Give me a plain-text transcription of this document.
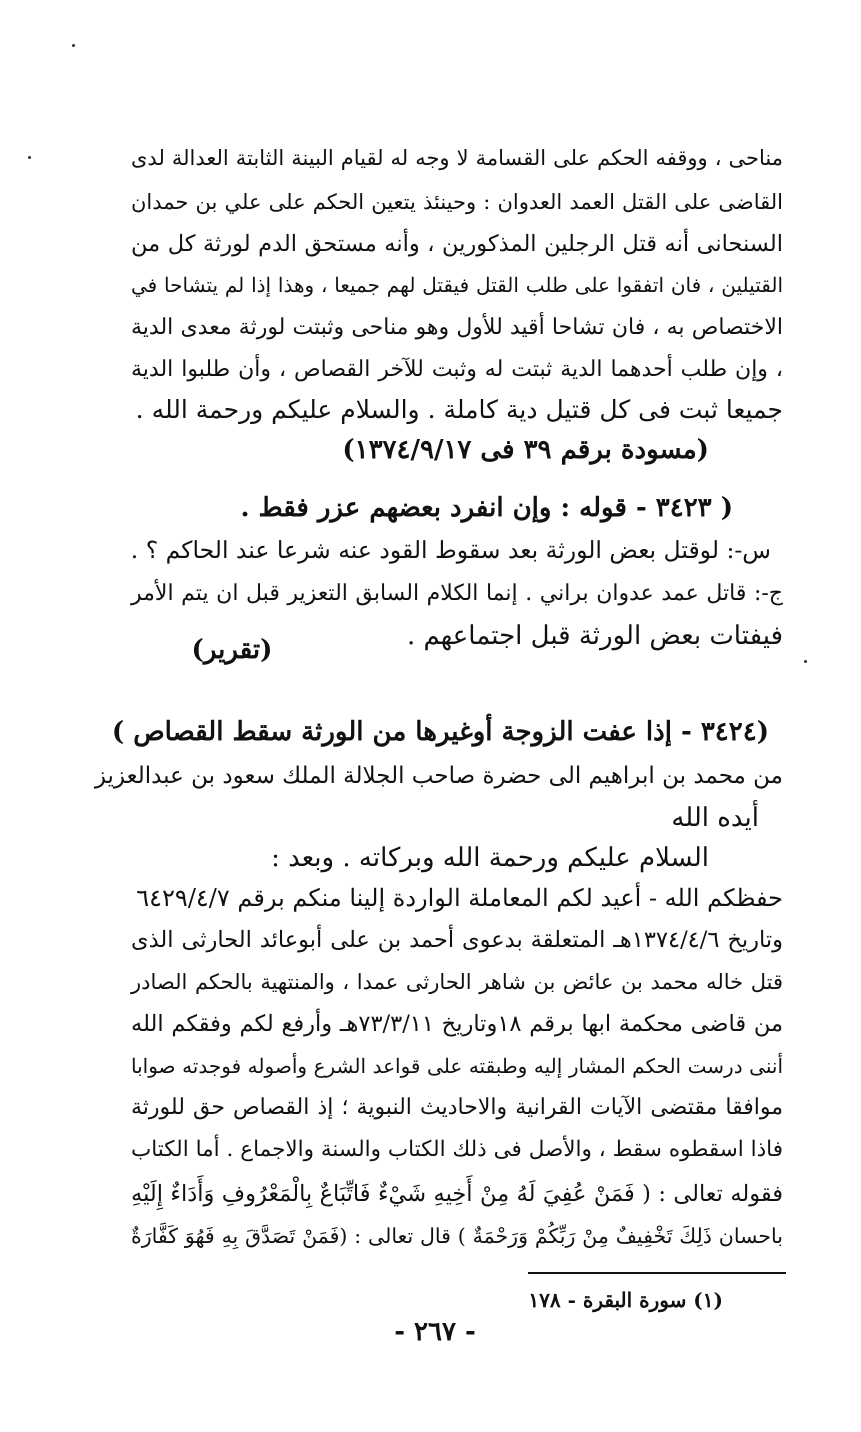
مناحى ، ووقفه الحكم على القسامة لا وجه له لقيام البينة الثابتة العدالة لدى
القاضى على القتل العمد العدوان : وحينئذ يتعين الحكم على علي بن حمدان
السنحانى أنه قتل الرجلين المذكورين ، وأنه مستحق الدم لورثة كل من
القتيلين ، فان اتفقوا على طلب القتل فيقتل لهم جميعا ، وهذا إذا لم يتشاحا في
الاختصاص به ، فان تشاحا أقيد للأول وهو مناحى وثبتت لورثة معدى الدية
، وإن طلب أحدهما الدية ثبتت له وثبت للآخر القصاص ، وأن طلبوا الدية
جميعا ثبت فى كل قتيل دية كاملة . والسلام عليكم ورحمة الله .
(مسودة برقم ٣٩ فى ١٣٧٤/٩/١٧)
( ٣٤٢٣ - قوله : وإن انفرد بعضهم عزر فقط .
س-: لوقتل بعض الورثة بعد سقوط القود عنه شرعا عند الحاكم ؟ .
ج-: قاتل عمد عدوان براني . إنما الكلام السابق التعزير قبل ان يتم الأمر
فيفتات بعض الورثة قبل اجتماعهم .
(تقرير)
(٣٤٢٤ - إذا عفت الزوجة أوغيرها من الورثة سقط القصاص )
من محمد بن ابراهيم الى حضرة صاحب الجلالة الملك سعود بن عبدالعزيز
أيده الله
السلام عليكم ورحمة الله وبركاته . وبعد :
حفظكم الله - أعيد لكم المعاملة الواردة إلينا منكم برقم ٦٤٢٩/٤/٧
وتاريخ ١٣٧٤/٤/٦هـ المتعلقة بدعوى أحمد بن على أبوعائد الحارثى الذى
قتل خاله محمد بن عائض بن شاهر الحارثى عمدا ، والمنتهية بالحكم الصادر
من قاضى محكمة ابها برقم ١٨وتاريخ ٧٣/٣/١١هـ وأرفع لكم وفقكم الله
أننى درست الحكم المشار إليه وطبقته على قواعد الشرع وأصوله فوجدته صوابا
موافقا مقتضى الآيات القرانية والاحاديث النبوية ؛ إذ القصاص حق للورثة
فاذا اسقطوه سقط ، والأصل فى ذلك الكتاب والسنة والاجماع . أما الكتاب
فقوله تعالى : ( فَمَنْ عُفِيَ لَهُ مِنْ أَخِيهِ شَيْءٌ فَاتِّبَاعٌ بِالْمَعْرُوفِ وَأَدَاءٌ إِلَيْهِ
باحسان ذَلِكَ تَخْفِيفٌ مِنْ رَبِّكُمْ وَرَحْمَةٌ ) قال تعالى : (فَمَنْ تَصَدَّقَ بِهِ فَهُوَ كَفَّارَةٌ
(١) سورة البقرة - ١٧٨
- ٢٦٧ -
